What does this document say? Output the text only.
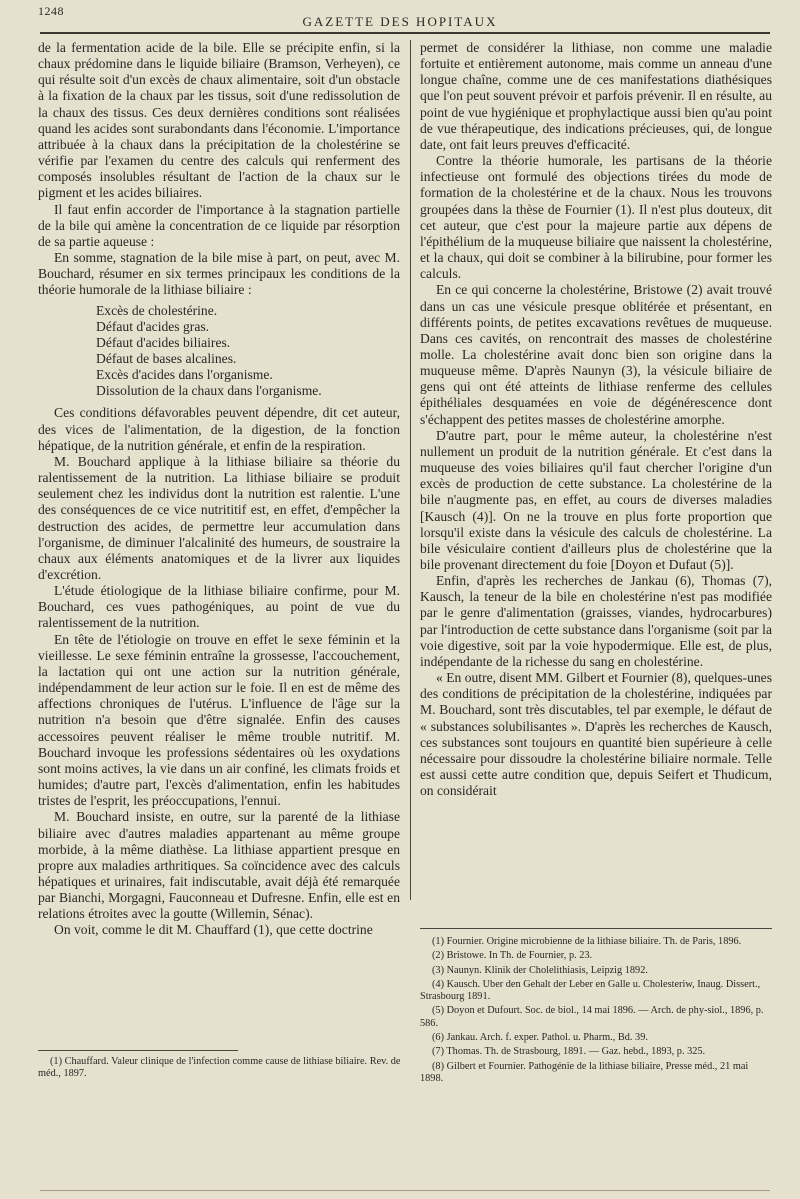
1248
GAZETTE DES HOPITAUX

de la fermentation acide de la bile. Elle se précipite enfin, si la chaux prédomine dans le liquide biliaire (Bramson, Verheyen), ce qui résulte soit d'un excès de chaux alimentaire, soit d'un obstacle à la fixation de la chaux par les tissus, soit d'une redissolution de la chaux des tissus. Ces deux dernières conditions sont réalisées quand les acides sont surabondants dans l'économie. L'importance attribuée à la chaux dans la précipitation de la cholestérine se vérifie par l'examen du centre des calculs qui renferment des composés insolubles résultant de l'action de la chaux sur le pigment et les acides biliaires.

Il faut enfin accorder de l'importance à la stagnation partielle de la bile qui amène la concentration de ce liquide par résorption de sa partie aqueuse :

En somme, stagnation de la bile mise à part, on peut, avec M. Bouchard, résumer en six termes principaux les conditions de la théorie humorale de la lithiase biliaire :

Excès de cholestérine.
Défaut d'acides gras.
Défaut d'acides biliaires.
Défaut de bases alcalines.
Excès d'acides dans l'organisme.
Dissolution de la chaux dans l'organisme.

Ces conditions défavorables peuvent dépendre, dit cet auteur, des vices de l'alimentation, de la digestion, de la fonction hépatique, de la nutrition générale, et enfin de la respiration.

M. Bouchard applique à la lithiase biliaire sa théorie du ralentissement de la nutrition. La lithiase biliaire se produit seulement chez les individus dont la nutrition est ralentie. L'une des conséquences de ce vice nutrititif est, en effet, d'empêcher la destruction des acides, de permettre leur accumulation dans l'organisme, de diminuer l'alcalinité des humeurs, de soustraire la chaux aux éléments anatomiques et de la livrer aux liquides d'excrétion.

L'étude étiologique de la lithiase biliaire confirme, pour M. Bouchard, ces vues pathogéniques, au point de vue du ralentissement de la nutrition.

En tête de l'étiologie on trouve en effet le sexe féminin et la vieillesse. Le sexe féminin entraîne la grossesse, l'accouchement, la lactation qui ont une action sur la nutrition générale, indépendamment de leur action sur le foie. Il en est de même des affections chroniques de l'utérus. L'influence de l'âge sur la nutrition n'a besoin que d'être signalée. Enfin des causes accessoires peuvent réaliser le même trouble nutritif. M. Bouchard invoque les professions sédentaires où les oxydations sont moins actives, la vie dans un air confiné, les climats froids et humides; d'autre part, l'excès d'alimentation, enfin les habitudes tristes de l'esprit, les préoccupations, l'ennui.

M. Bouchard insiste, en outre, sur la parenté de la lithiase biliaire avec d'autres maladies appartenant au même groupe morbide, à la même diathèse. La lithiase appartient presque en propre aux maladies arthritiques. Sa coïncidence avec des calculs hépatiques et urinaires, fait indiscutable, avait déjà été remarquée par Bianchi, Morgagni, Fauconneau et Dufresne. Enfin, elle est en relations étroites avec la goutte (Willemin, Sénac).

On voit, comme le dit M. Chauffard (1), que cette doctrine

permet de considérer la lithiase, non comme une maladie fortuite et entièrement autonome, mais comme un anneau d'une longue chaîne, comme une de ces manifestations diathésiques que l'on peut souvent prévoir et parfois prévenir. Il en résulte, au point de vue hygiénique et prophylactique aussi bien qu'au point de vue thérapeutique, des indications précieuses, qui, de longue date, ont fait leurs preuves d'efficacité.

Contre la théorie humorale, les partisans de la théorie infectieuse ont formulé des objections tirées du mode de formation de la cholestérine et de la chaux. Nous les trouvons groupées dans la thèse de Fournier (1). Il n'est plus douteux, dit cet auteur, que c'est pour la majeure partie aux dépens de l'épithélium de la muqueuse biliaire que naissent la cholestérine, et la chaux, qui doit se combiner à la bilirubine, pour former les calculs.

En ce qui concerne la cholestérine, Bristowe (2) avait trouvé dans un cas une vésicule presque oblitérée et présentant, en différents points, de petites excavations revêtues de muqueuse. Dans ces cavités, on rencontrait des masses de cholestérine molle. La cholestérine avait donc bien son origine dans la muqueuse même. D'après Naunyn (3), la vésicule biliaire de gens qui ont été atteints de lithiase renferme des cellules épithéliales desquamées en voie de dégénérescence dont s'échappent des petites masses de cholestérine amorphe.

D'autre part, pour le même auteur, la cholestérine n'est nullement un produit de la nutrition générale. Et c'est dans la muqueuse des voies biliaires qu'il faut chercher l'origine d'un excès de production de cette substance. La cholestérine de la bile n'augmente pas, en effet, au cours de diverses maladies [Kausch (4)]. On ne la trouve en plus forte proportion que lorsqu'il existe dans la vésicule des calculs de cholestérine. La bile vésiculaire contient d'ailleurs plus de cholestérine que la bile provenant directement du foie [Doyon et Dufaut (5)].

Enfin, d'après les recherches de Jankau (6), Thomas (7), Kausch, la teneur de la bile en cholestérine n'est pas modifiée par le genre d'alimentation (graisses, viandes, hydrocarbures) par l'introduction de cette substance dans l'organisme (soit par la voie digestive, soit par la voie hypodermique. Elle est, de plus, indépendante de la richesse du sang en cholestérine.

« En outre, disent MM. Gilbert et Fournier (8), quelques-unes des conditions de précipitation de la cholestérine, indiquées par M. Bouchard, sont très discutables, tel par exemple, le défaut de « substances solubilisantes ». D'après les recherches de Kausch, ces substances sont toujours en quantité bien supérieure à celle nécessaire pour dissoudre la cholestérine biliaire normale. Telle est aussi cette autre condition que, depuis Seifert et Thudicum, on considérait

(1) Chauffard. Valeur clinique de l'infection comme cause de lithiase biliaire. Rev. de méd., 1897.
(1) Fournier. Origine microbienne de la lithiase biliaire. Th. de Paris, 1896.
(2) Bristowe. In Th. de Fournier, p. 23.
(3) Naunyn. Klinik der Cholelithiasis, Leipzig 1892.
(4) Kausch. Uber den Gehalt der Leber en Galle u. Cholesteriw, Inaug. Dissert., Strasbourg 1891.
(5) Doyon et Dufourt. Soc. de biol., 14 mai 1896. — Arch. de phy-siol., 1896, p. 586.
(6) Jankau. Arch. f. exper. Pathol. u. Pharm., Bd. 39.
(7) Thomas. Th. de Strasbourg, 1891. — Gaz. hebd., 1893, p. 325.
(8) Gilbert et Fournier. Pathogénie de la lithiase biliaire, Presse méd., 21 mai 1898.
